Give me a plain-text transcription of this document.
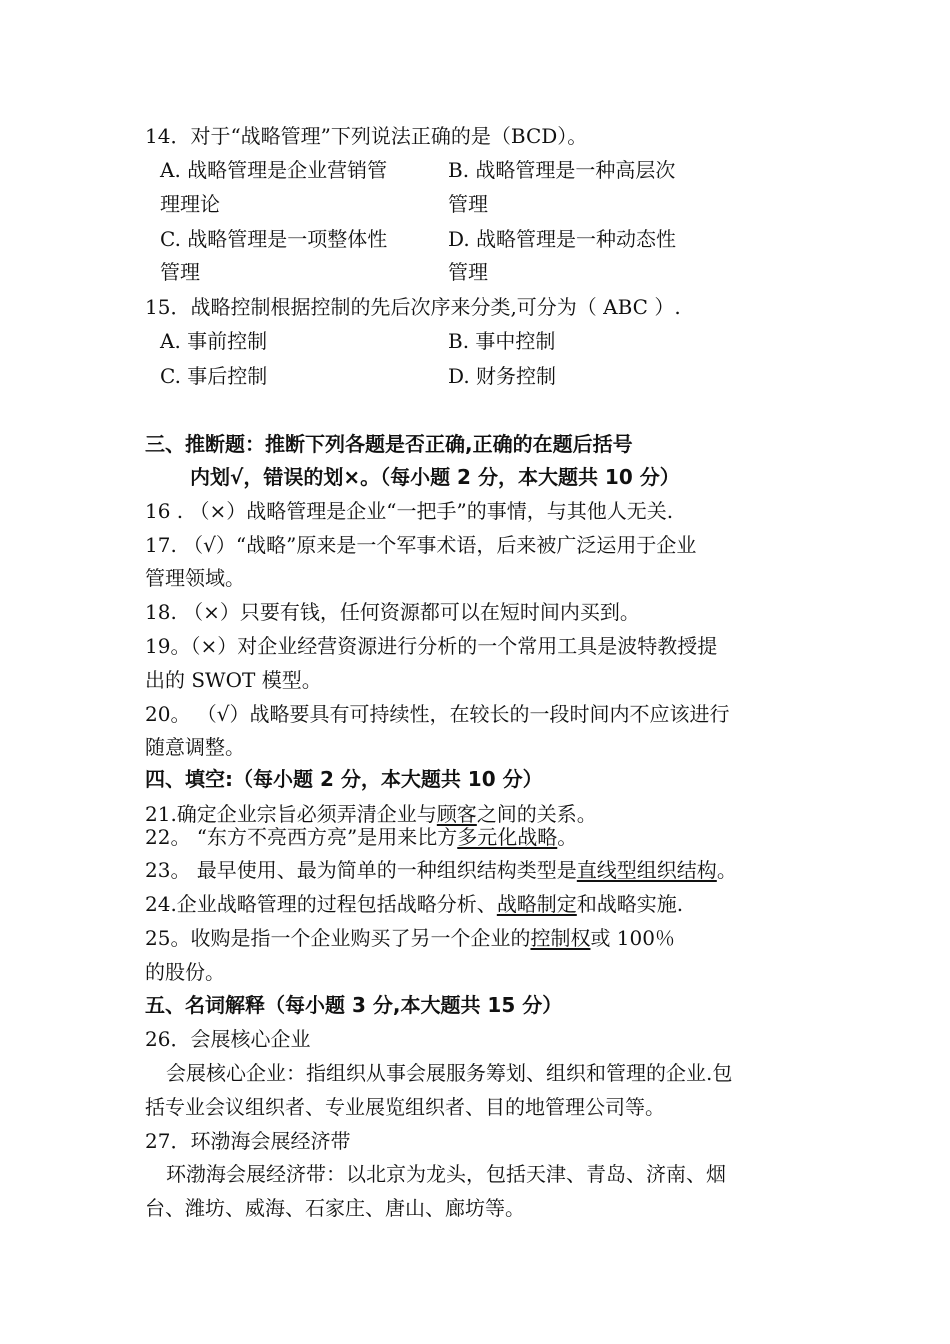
14．对于“战略管理”下列说法正确的是（BCD）。
A. 战略管理是企业营销管	B. 战略管理是一种高层次
理理论	管理
C. 战略管理是一项整体性	D. 战略管理是一种动态性
管理	管理
15．战略控制根据控制的先后次序来分类,可分为（ ABC ）.
A. 事前控制	B. 事中控制
C. 事后控制	D. 财务控制
三、推断题：推断下列各题是否正确,正确的在题后括号
内划√，错误的划×。（每小题 2 分，本大题共 10 分）
16 . （×）战略管理是企业“一把手”的事情，与其他人无关.
17. （√）“战略”原来是一个军事术语，后来被广泛运用于企业
管理领域。
18. （×）只要有钱，任何资源都可以在短时间内买到。
19。（×）对企业经营资源进行分析的一个常用工具是波特教授提
出的 SWOT 模型。
20。 （√）战略要具有可持续性，在较长的一段时间内不应该进行
随意调整。
四、填空:（每小题 2 分，本大题共 10 分）
21.确定企业宗旨必须弄清企业与顾客之间的关系。
22。 “东方不亮西方亮”是用来比方多元化战略。
23。 最早使用、最为简单的一种组织结构类型是直线型组织结构。
24.企业战略管理的过程包括战略分析、战略制定和战略实施.
25。收购是指一个企业购买了另一个企业的控制权或 100％
的股份。
五、名词解释（每小题 3 分,本大题共 15 分）
26．会展核心企业
会展核心企业：指组织从事会展服务筹划、组织和管理的企业.包
括专业会议组织者、专业展览组织者、目的地管理公司等。
27．环渤海会展经济带
环渤海会展经济带：以北京为龙头，包括天津、青岛、济南、烟
台、潍坊、威海、石家庄、唐山、廊坊等。
